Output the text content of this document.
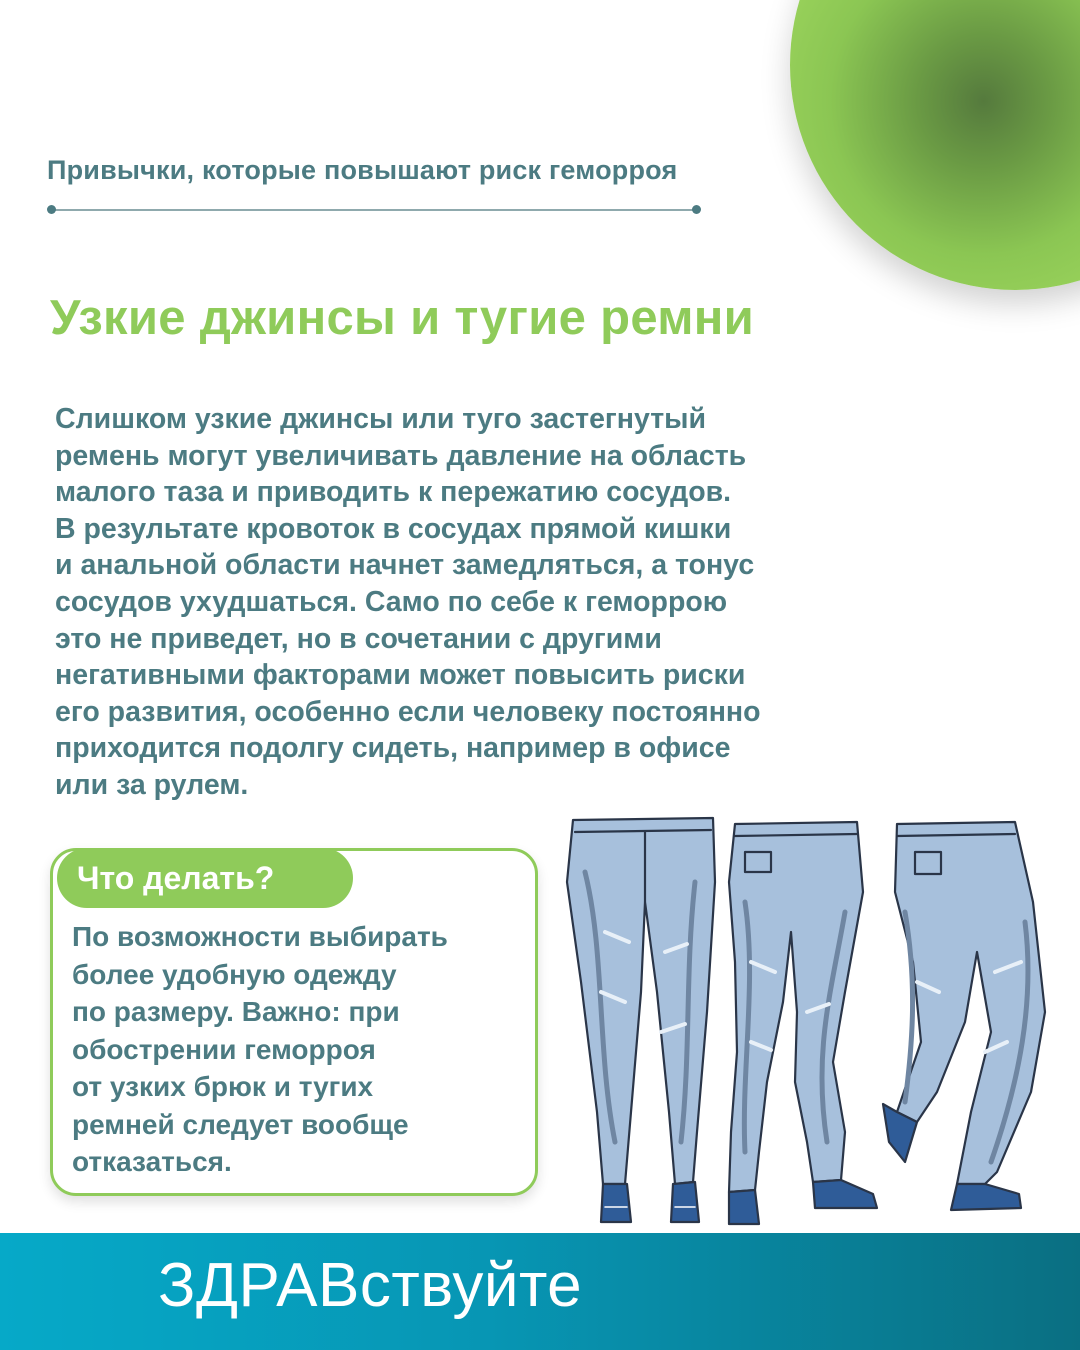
Привычки, которые повышают риск геморроя
Узкие джинсы и тугие ремни
Слишком узкие джинсы или туго застегнутый
ремень могут увеличивать давление на область
малого таза и приводить к пережатию сосудов.
В результате кровоток в сосудах прямой кишки
и анальной области начнет замедляться, а тонус
сосудов ухудшаться. Само по себе к геморрою
это не приведет, но в сочетании с другими
негативными факторами может повысить риски
его развития, особенно если человеку постоянно
приходится подолгу сидеть, например в офисе
или за рулем.
Что делать?
По возможности выбирать
более удобную одежду
по размеру. Важно: при
обострении геморроя
от узких брюк и тугих
ремней следует вообще
отказаться.
ЗДРАВствуйте
